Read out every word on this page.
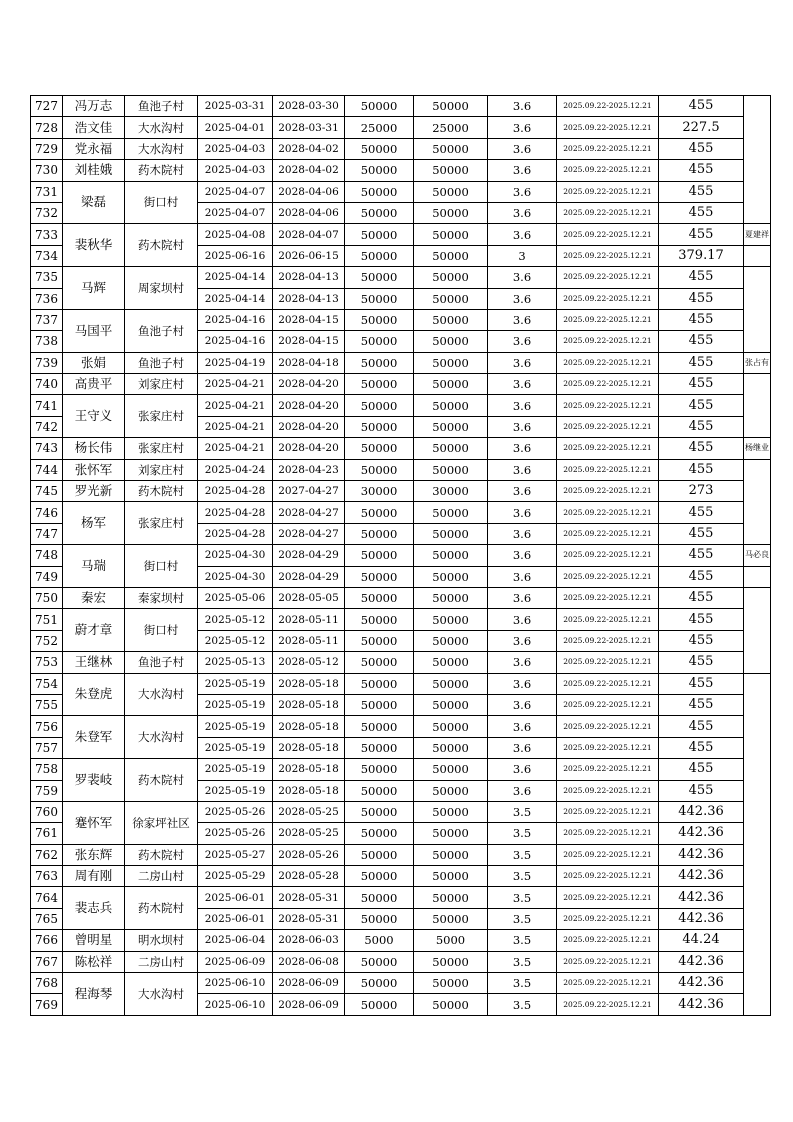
727	冯万志	鱼池子村	2025-03-31	2028-03-30	50000	50000	3.6	2025.09.22-2025.12.21	455	
728	浩文佳	大水沟村	2025-04-01	2028-03-31	25000	25000	3.6	2025.09.22-2025.12.21	227.5	
729	党永福	大水沟村	2025-04-03	2028-04-02	50000	50000	3.6	2025.09.22-2025.12.21	455	
730	刘桂娥	药木院村	2025-04-03	2028-04-02	50000	50000	3.6	2025.09.22-2025.12.21	455	
731	梁磊	街口村	2025-04-07	2028-04-06	50000	50000	3.6	2025.09.22-2025.12.21	455	
732			2025-04-07	2028-04-06	50000	50000	3.6	2025.09.22-2025.12.21	455	
733	裴秋华	药木院村	2025-04-08	2028-04-07	50000	50000	3.6	2025.09.22-2025.12.21	455	夏建祥
734			2025-06-16	2026-06-15	50000	50000	3	2025.09.22-2025.12.21	379.17	
735	马辉	周家坝村	2025-04-14	2028-04-13	50000	50000	3.6	2025.09.22-2025.12.21	455	
736			2025-04-14	2028-04-13	50000	50000	3.6	2025.09.22-2025.12.21	455	
737	马国平	鱼池子村	2025-04-16	2028-04-15	50000	50000	3.6	2025.09.22-2025.12.21	455	
738			2025-04-16	2028-04-15	50000	50000	3.6	2025.09.22-2025.12.21	455	
739	张娟	鱼池子村	2025-04-19	2028-04-18	50000	50000	3.6	2025.09.22-2025.12.21	455	张占有
740	高贵平	刘家庄村	2025-04-21	2028-04-20	50000	50000	3.6	2025.09.22-2025.12.21	455	
741	王守义	张家庄村	2025-04-21	2028-04-20	50000	50000	3.6	2025.09.22-2025.12.21	455	
742			2025-04-21	2028-04-20	50000	50000	3.6	2025.09.22-2025.12.21	455	
743	杨长伟	张家庄村	2025-04-21	2028-04-20	50000	50000	3.6	2025.09.22-2025.12.21	455	杨继业
744	张怀军	刘家庄村	2025-04-24	2028-04-23	50000	50000	3.6	2025.09.22-2025.12.21	455	
745	罗光新	药木院村	2025-04-28	2027-04-27	30000	30000	3.6	2025.09.22-2025.12.21	273	
746	杨军	张家庄村	2025-04-28	2028-04-27	50000	50000	3.6	2025.09.22-2025.12.21	455	
747			2025-04-28	2028-04-27	50000	50000	3.6	2025.09.22-2025.12.21	455	
748	马瑞	街口村	2025-04-30	2028-04-29	50000	50000	3.6	2025.09.22-2025.12.21	455	马必良
749			2025-04-30	2028-04-29	50000	50000	3.6	2025.09.22-2025.12.21	455	
750	秦宏	秦家坝村	2025-05-06	2028-05-05	50000	50000	3.6	2025.09.22-2025.12.21	455	
751	蔚才章	街口村	2025-05-12	2028-05-11	50000	50000	3.6	2025.09.22-2025.12.21	455	
752			2025-05-12	2028-05-11	50000	50000	3.6	2025.09.22-2025.12.21	455	
753	王继林	鱼池子村	2025-05-13	2028-05-12	50000	50000	3.6	2025.09.22-2025.12.21	455	
754	朱登虎	大水沟村	2025-05-19	2028-05-18	50000	50000	3.6	2025.09.22-2025.12.21	455	
755			2025-05-19	2028-05-18	50000	50000	3.6	2025.09.22-2025.12.21	455	
756	朱登军	大水沟村	2025-05-19	2028-05-18	50000	50000	3.6	2025.09.22-2025.12.21	455	
757			2025-05-19	2028-05-18	50000	50000	3.6	2025.09.22-2025.12.21	455	
758	罗裴岐	药木院村	2025-05-19	2028-05-18	50000	50000	3.6	2025.09.22-2025.12.21	455	
759			2025-05-19	2028-05-18	50000	50000	3.6	2025.09.22-2025.12.21	455	
760	蹇怀军	徐家坪社区	2025-05-26	2028-05-25	50000	50000	3.5	2025.09.22-2025.12.21	442.36	
761			2025-05-26	2028-05-25	50000	50000	3.5	2025.09.22-2025.12.21	442.36	
762	张东辉	药木院村	2025-05-27	2028-05-26	50000	50000	3.5	2025.09.22-2025.12.21	442.36	
763	周有刚	二房山村	2025-05-29	2028-05-28	50000	50000	3.5	2025.09.22-2025.12.21	442.36	
764	裴志兵	药木院村	2025-06-01	2028-05-31	50000	50000	3.5	2025.09.22-2025.12.21	442.36	
765			2025-06-01	2028-05-31	50000	50000	3.5	2025.09.22-2025.12.21	442.36	
766	曾明星	明水坝村	2025-06-04	2028-06-03	5000	5000	3.5	2025.09.22-2025.12.21	44.24	
767	陈松祥	二房山村	2025-06-09	2028-06-08	50000	50000	3.5	2025.09.22-2025.12.21	442.36	
768	程海琴	大水沟村	2025-06-10	2028-06-09	50000	50000	3.5	2025.09.22-2025.12.21	442.36	
769			2025-06-10	2028-06-09	50000	50000	3.5	2025.09.22-2025.12.21	442.36	
